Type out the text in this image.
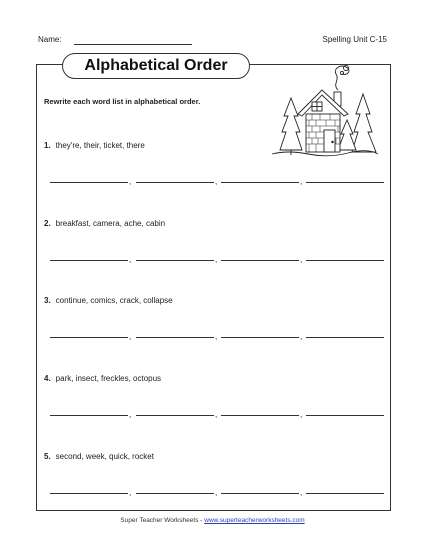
Name:	Spelling Unit C-15
Alphabetical Order
Rewrite each word list in alphabetical order.
1. they're, their, ticket, there
,	,	,
2. breakfast, camera, ache, cabin
,	,	,
3. continue, comics, crack, collapse
,	,	,
4. park, insect, freckles, octopus
,	,	,
5. second, week, quick, rocket
,	,	,
Super Teacher Worksheets - www.superteacherworksheets.com
